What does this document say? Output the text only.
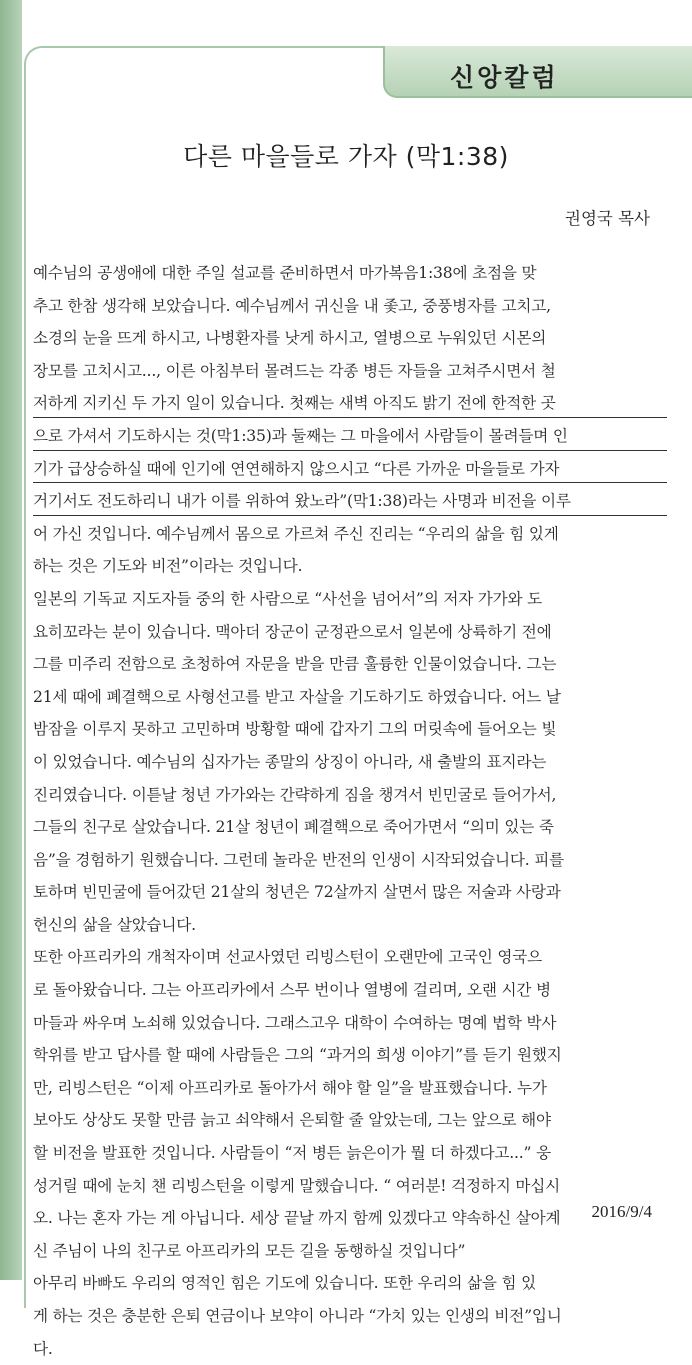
신앙칼럼
다른 마을들로 가자 (막1:38)
권영국 목사
예수님의 공생애에 대한 주일 설교를 준비하면서 마가복음1:38에 초점을 맞
추고 한참 생각해 보았습니다. 예수님께서 귀신을 내 좇고, 중풍병자를 고치고,
소경의 눈을 뜨게 하시고, 나병환자를 낫게 하시고, 열병으로 누워있던 시몬의
장모를 고치시고..., 이른 아침부터 몰려드는 각종 병든 자들을 고쳐주시면서 철
저하게 지키신 두 가지 일이 있습니다. 첫째는 새벽 아직도 밝기 전에 한적한 곳
으로 가셔서 기도하시는 것(막1:35)과 둘째는 그 마을에서 사람들이 몰려들며 인
기가 급상승하실 때에 인기에 연연해하지 않으시고 “다른 가까운 마을들로 가자
거기서도 전도하리니 내가 이를 위하여 왔노라”(막1:38)라는 사명과 비전을 이루
어 가신 것입니다. 예수님께서 몸으로 가르쳐 주신 진리는 “우리의 삶을 힘 있게
하는 것은 기도와 비전”이라는 것입니다.
일본의 기독교 지도자들 중의 한 사람으로 “사선을 넘어서”의 저자 가가와 도
요히꼬라는 분이 있습니다. 맥아더 장군이 군정관으로서 일본에 상륙하기 전에
그를 미주리 전함으로 초청하여 자문을 받을 만큼 훌륭한 인물이었습니다. 그는
21세 때에 폐결핵으로 사형선고를 받고 자살을 기도하기도 하였습니다. 어느 날
밤잠을 이루지 못하고 고민하며 방황할 때에 갑자기 그의 머릿속에 들어오는 빛
이 있었습니다. 예수님의 십자가는 종말의 상징이 아니라, 새 출발의 표지라는
진리였습니다. 이튿날 청년 가가와는 간략하게 짐을 챙겨서 빈민굴로 들어가서,
그들의 친구로 살았습니다. 21살 청년이 폐결핵으로 죽어가면서 “의미 있는 죽
음”을 경험하기 원했습니다. 그런데 놀라운 반전의 인생이 시작되었습니다. 피를
토하며 빈민굴에 들어갔던 21살의 청년은 72살까지 살면서 많은 저술과 사랑과
헌신의 삶을 살았습니다.
또한 아프리카의 개척자이며 선교사였던 리빙스턴이 오랜만에 고국인 영국으
로 돌아왔습니다. 그는 아프리카에서 스무 번이나 열병에 걸리며, 오랜 시간 병
마들과 싸우며 노쇠해 있었습니다. 그래스고우 대학이 수여하는 명예 법학 박사
학위를 받고 답사를 할 때에 사람들은 그의 “과거의 희생 이야기”를 듣기 원했지
만, 리빙스턴은 “이제 아프리카로 돌아가서 해야 할 일”을 발표했습니다. 누가
보아도 상상도 못할 만큼 늙고 쇠약해서 은퇴할 줄 알았는데, 그는 앞으로 해야
할 비전을 발표한 것입니다. 사람들이 “저 병든 늙은이가 뭘 더 하겠다고...” 웅
성거릴 때에 눈치 챈 리빙스턴을 이렇게 말했습니다. “ 여러분! 걱정하지 마십시
오. 나는 혼자 가는 게 아닙니다. 세상 끝날 까지 함께 있겠다고 약속하신 살아계
신 주님이 나의 친구로 아프리카의 모든 길을 동행하실 것입니다”
아무리 바빠도 우리의 영적인 힘은 기도에 있습니다. 또한 우리의 삶을 힘 있
게 하는 것은 충분한 은퇴 연금이나 보약이 아니라 “가치 있는 인생의 비전”입니
다.
2016/9/4
